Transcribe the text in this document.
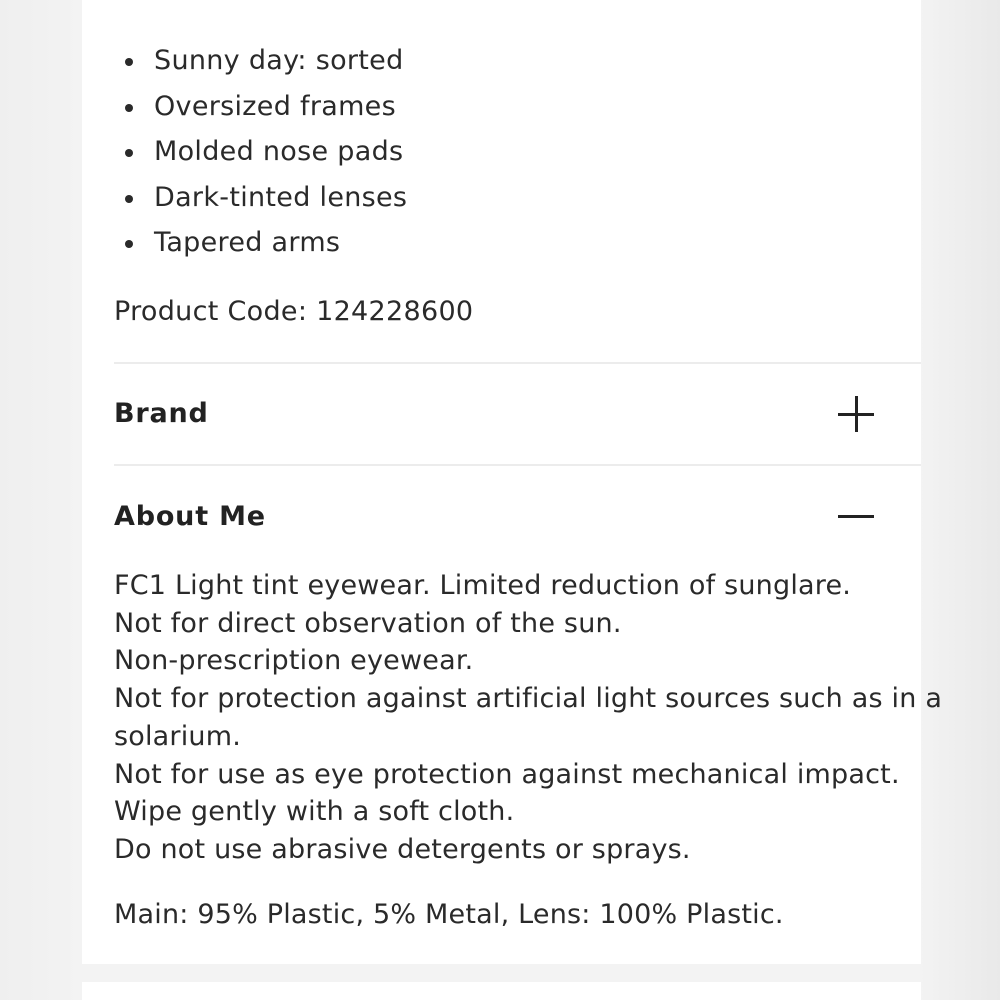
Sunny day: sorted
Oversized frames
Molded nose pads
Dark-tinted lenses
Tapered arms
Product Code: 124228600
Brand
About Me
FC1 Light tint eyewear. Limited reduction of sunglare.
Not for direct observation of the sun.
Non-prescription eyewear.
Not for protection against artificial light sources such as in a
solarium.
Not for use as eye protection against mechanical impact.
Wipe gently with a soft cloth.
Do not use abrasive detergents or sprays.
Main: 95% Plastic, 5% Metal, Lens: 100% Plastic.
